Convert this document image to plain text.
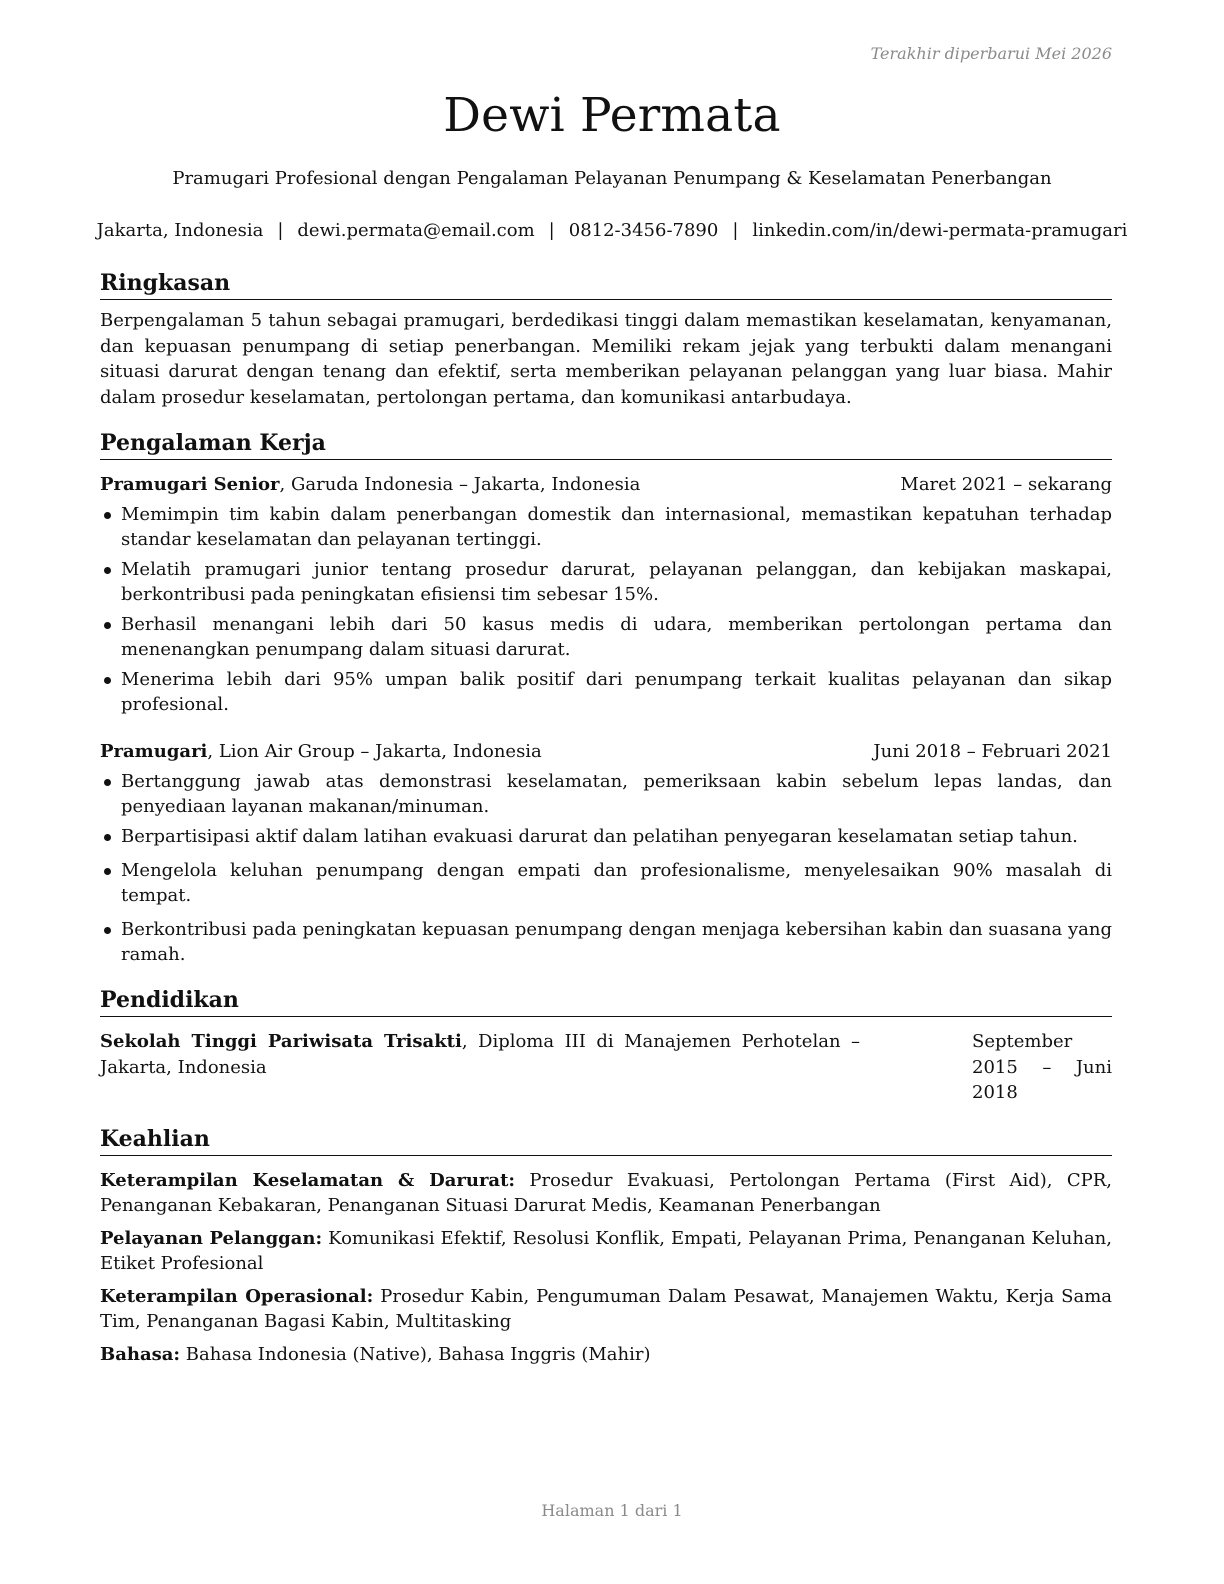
Terakhir diperbarui Mei 2026
Dewi Permata
Pramugari Profesional dengan Pengalaman Pelayanan Penumpang & Keselamatan Penerbangan
Jakarta, Indonesia | dewi.permata@email.com | 0812-3456-7890 | linkedin.com/in/dewi-permata-pramugari
Ringkasan

Berpengalaman 5 tahun sebagai pramugari, berdedikasi tinggi dalam memastikan keselamatan, kenyamanan, dan kepuasan penumpang di setiap penerbangan. Memiliki rekam jejak yang terbukti dalam menangani situasi darurat dengan tenang dan efektif, serta memberikan pelayanan pelanggan yang luar biasa. Mahir dalam prosedur keselamatan, pertolongan pertama, dan komunikasi antarbudaya.

Pengalaman Kerja
Pramugari Senior, Garuda Indonesia – Jakarta, Indonesia	Maret 2021 – sekarang
Memimpin tim kabin dalam penerbangan domestik dan internasional, memastikan kepatuhan terhadap standar keselamatan dan pelayanan tertinggi.
Melatih pramugari junior tentang prosedur darurat, pelayanan pelanggan, dan kebijakan maskapai, berkontribusi pada peningkatan efisiensi tim sebesar 15%.
Berhasil menangani lebih dari 50 kasus medis di udara, memberikan pertolongan pertama dan menenangkan penumpang dalam situasi darurat.
Menerima lebih dari 95% umpan balik positif dari penumpang terkait kualitas pelayanan dan sikap profesional.
Pramugari, Lion Air Group – Jakarta, Indonesia	Juni 2018 – Februari 2021
Bertanggung jawab atas demonstrasi keselamatan, pemeriksaan kabin sebelum lepas landas, dan penyediaan layanan makanan/minuman.
Berpartisipasi aktif dalam latihan evakuasi darurat dan pelatihan penyegaran keselamatan setiap tahun.
Mengelola keluhan penumpang dengan empati dan profesionalisme, menyelesaikan 90% masalah di tempat.
Berkontribusi pada peningkatan kepuasan penumpang dengan menjaga kebersihan kabin dan suasana yang ramah.
Pendidikan
Sekolah Tinggi Pariwisata Trisakti, Diploma III di Manajemen Perhotelan – Jakarta, Indonesia
September 2015 – Juni 2018
Keahlian

Keterampilan Keselamatan & Darurat: Prosedur Evakuasi, Pertolongan Pertama (First Aid), CPR, Penanganan Kebakaran, Penanganan Situasi Darurat Medis, Keamanan Penerbangan

Pelayanan Pelanggan: Komunikasi Efektif, Resolusi Konflik, Empati, Pelayanan Prima, Penanganan Keluhan, Etiket Profesional

Keterampilan Operasional: Prosedur Kabin, Pengumuman Dalam Pesawat, Manajemen Waktu, Kerja Sama Tim, Penanganan Bagasi Kabin, Multitasking

Bahasa: Bahasa Indonesia (Native), Bahasa Inggris (Mahir)

Halaman 1 dari 1
